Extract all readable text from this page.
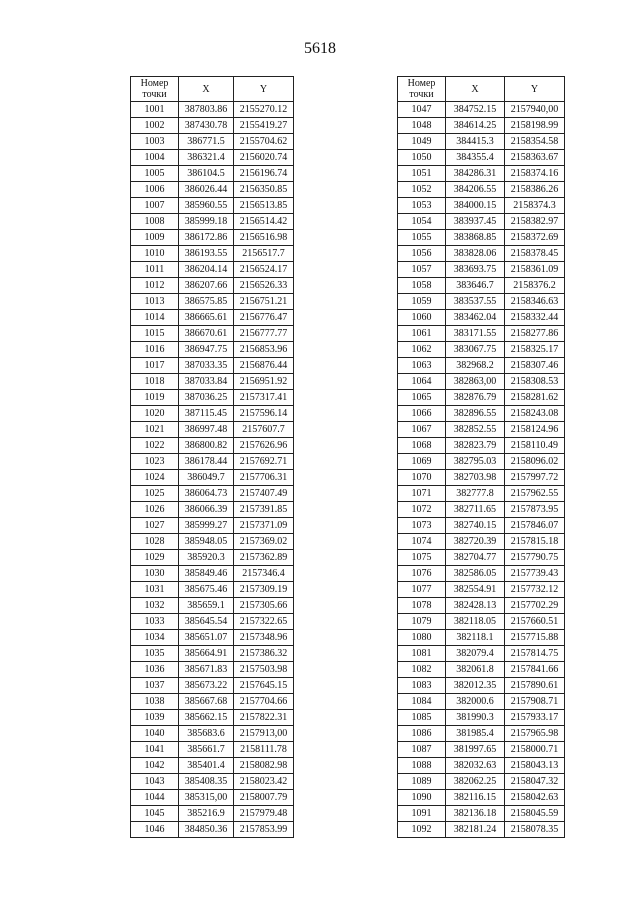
5618
Номер
точки	X	Y
1001	387803.86	2155270.12
1002	387430.78	2155419.27
1003	386771.5	2155704.62
1004	386321.4	2156020.74
1005	386104.5	2156196.74
1006	386026.44	2156350.85
1007	385960.55	2156513.85
1008	385999.18	2156514.42
1009	386172.86	2156516.98
1010	386193.55	2156517.7
1011	386204.14	2156524.17
1012	386207.66	2156526.33
1013	386575.85	2156751.21
1014	386665.61	2156776.47
1015	386670.61	2156777.77
1016	386947.75	2156853.96
1017	387033.35	2156876.44
1018	387033.84	2156951.92
1019	387036.25	2157317.41
1020	387115.45	2157596.14
1021	386997.48	2157607.7
1022	386800.82	2157626.96
1023	386178.44	2157692.71
1024	386049.7	2157706.31
1025	386064.73	2157407.49
1026	386066.39	2157391.85
1027	385999.27	2157371.09
1028	385948.05	2157369.02
1029	385920.3	2157362.89
1030	385849.46	2157346.4
1031	385675.46	2157309.19
1032	385659.1	2157305.66
1033	385645.54	2157322.65
1034	385651.07	2157348.96
1035	385664.91	2157386.32
1036	385671.83	2157503.98
1037	385673.22	2157645.15
1038	385667.68	2157704.66
1039	385662.15	2157822.31
1040	385683.6	2157913,00
1041	385661.7	2158111.78
1042	385401.4	2158082.98
1043	385408.35	2158023.42
1044	385315,00	2158007.79
1045	385216.9	2157979.48
1046	384850.36	2157853.99
Номер
точки	X	Y
1047	384752.15	2157940,00
1048	384614.25	2158198.99
1049	384415.3	2158354.58
1050	384355.4	2158363.67
1051	384286.31	2158374.16
1052	384206.55	2158386.26
1053	384000.15	2158374.3
1054	383937.45	2158382.97
1055	383868.85	2158372.69
1056	383828.06	2158378.45
1057	383693.75	2158361.09
1058	383646.7	2158376.2
1059	383537.55	2158346.63
1060	383462.04	2158332.44
1061	383171.55	2158277.86
1062	383067.75	2158325.17
1063	382968.2	2158307.46
1064	382863,00	2158308.53
1065	382876.79	2158281.62
1066	382896.55	2158243.08
1067	382852.55	2158124.96
1068	382823.79	2158110.49
1069	382795.03	2158096.02
1070	382703.98	2157997.72
1071	382777.8	2157962.55
1072	382711.65	2157873.95
1073	382740.15	2157846.07
1074	382720.39	2157815.18
1075	382704.77	2157790.75
1076	382586.05	2157739.43
1077	382554.91	2157732.12
1078	382428.13	2157702.29
1079	382118.05	2157660.51
1080	382118.1	2157715.88
1081	382079.4	2157814.75
1082	382061.8	2157841.66
1083	382012.35	2157890.61
1084	382000.6	2157908.71
1085	381990.3	2157933.17
1086	381985.4	2157965.98
1087	381997.65	2158000.71
1088	382032.63	2158043.13
1089	382062.25	2158047.32
1090	382116.15	2158042.63
1091	382136.18	2158045.59
1092	382181.24	2158078.35
